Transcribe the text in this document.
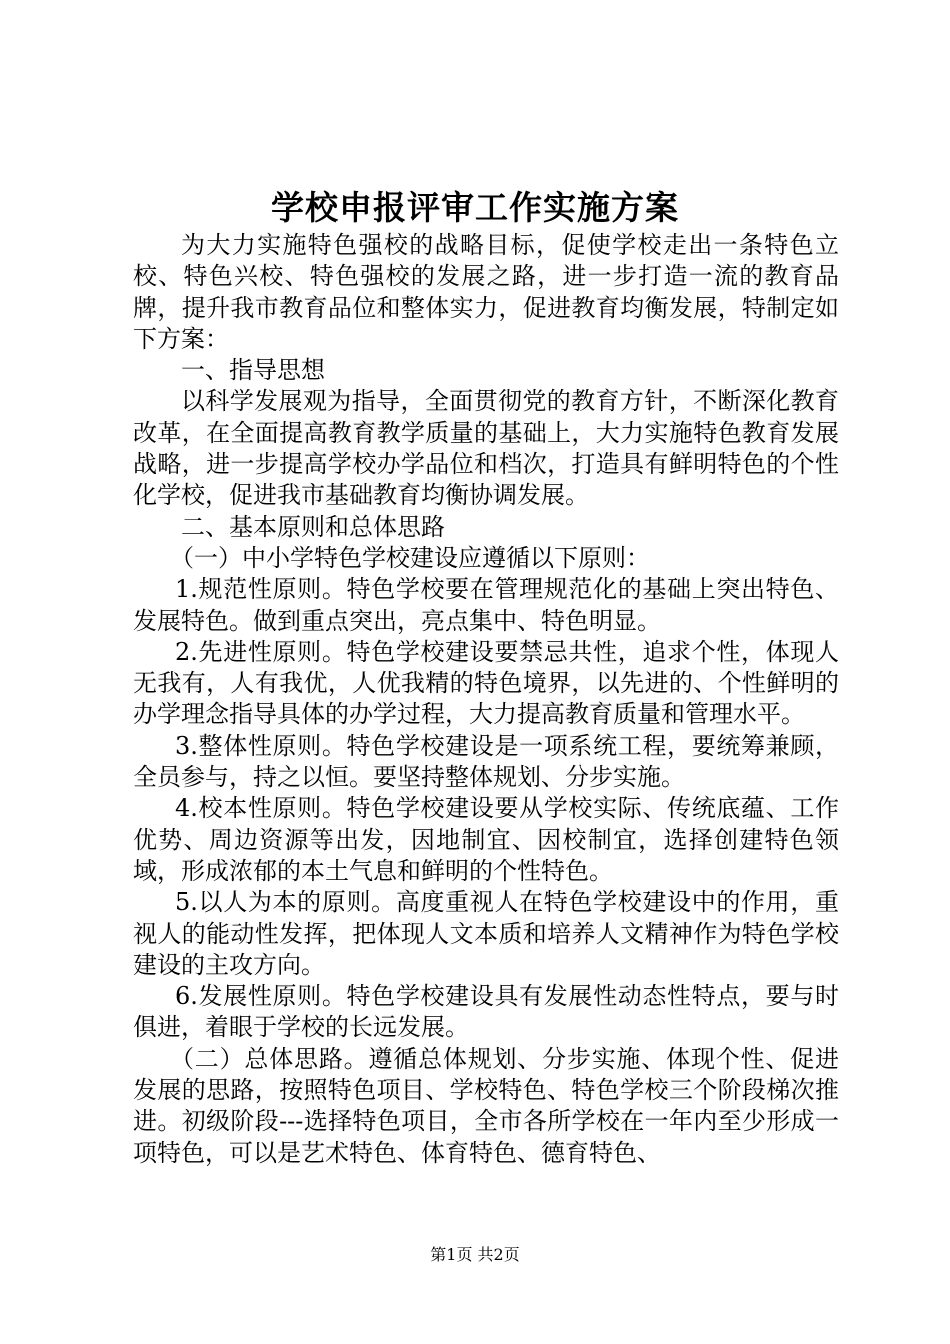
学校申报评审工作实施方案

为大力实施特色强校的战略目标，促使学校走出一条特色立校、特色兴校、特色强校的发展之路，进一步打造一流的教育品牌，提升我市教育品位和整体实力，促进教育均衡发展，特制定如下方案：

一、指导思想

以科学发展观为指导，全面贯彻党的教育方针，不断深化教育改革，在全面提高教育教学质量的基础上，大力实施特色教育发展战略，进一步提高学校办学品位和档次，打造具有鲜明特色的个性化学校，促进我市基础教育均衡协调发展。

二、基本原则和总体思路

（一）中小学特色学校建设应遵循以下原则：

1.规范性原则。特色学校要在管理规范化的基础上突出特色、发展特色。做到重点突出，亮点集中、特色明显。

2.先进性原则。特色学校建设要禁忌共性，追求个性，体现人无我有，人有我优，人优我精的特色境界，以先进的、个性鲜明的办学理念指导具体的办学过程，大力提高教育质量和管理水平。

3.整体性原则。特色学校建设是一项系统工程，要统筹兼顾，全员参与，持之以恒。要坚持整体规划、分步实施。

4.校本性原则。特色学校建设要从学校实际、传统底蕴、工作优势、周边资源等出发，因地制宜、因校制宜，选择创建特色领域，形成浓郁的本土气息和鲜明的个性特色。

5.以人为本的原则。高度重视人在特色学校建设中的作用，重视人的能动性发挥，把体现人文本质和培养人文精神作为特色学校建设的主攻方向。

6.发展性原则。特色学校建设具有发展性动态性特点，要与时俱进，着眼于学校的长远发展。

（二）总体思路。遵循总体规划、分步实施、体现个性、促进发展的思路，按照特色项目、学校特色、特色学校三个阶段梯次推进。初级阶段---选择特色项目，全市各所学校在一年内至少形成一项特色，可以是艺术特色、体育特色、德育特色、

第1页 共2页
